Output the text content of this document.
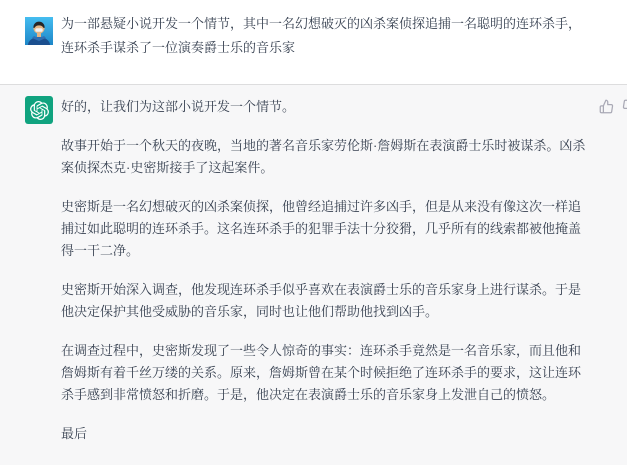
为一部悬疑小说开发一个情节，其中一名幻想破灭的凶杀案侦探追捕一名聪明的连环杀手，连环杀手谋杀了一位演奏爵士乐的音乐家

好的，让我们为这部小说开发一个情节。

故事开始于一个秋天的夜晚，当地的著名音乐家劳伦斯·詹姆斯在表演爵士乐时被谋杀。凶杀案侦探杰克·史密斯接手了这起案件。

史密斯是一名幻想破灭的凶杀案侦探，他曾经追捕过许多凶手，但是从来没有像这次一样追捕过如此聪明的连环杀手。这名连环杀手的犯罪手法十分狡猾，几乎所有的线索都被他掩盖得一干二净。

史密斯开始深入调查，他发现连环杀手似乎喜欢在表演爵士乐的音乐家身上进行谋杀。于是他决定保护其他受威胁的音乐家，同时也让他们帮助他找到凶手。

在调查过程中，史密斯发现了一些令人惊奇的事实：连环杀手竟然是一名音乐家，而且他和詹姆斯有着千丝万缕的关系。原来，詹姆斯曾在某个时候拒绝了连环杀手的要求，这让连环杀手感到非常愤怒和折磨。于是，他决定在表演爵士乐的音乐家身上发泄自己的愤怒。

最后
